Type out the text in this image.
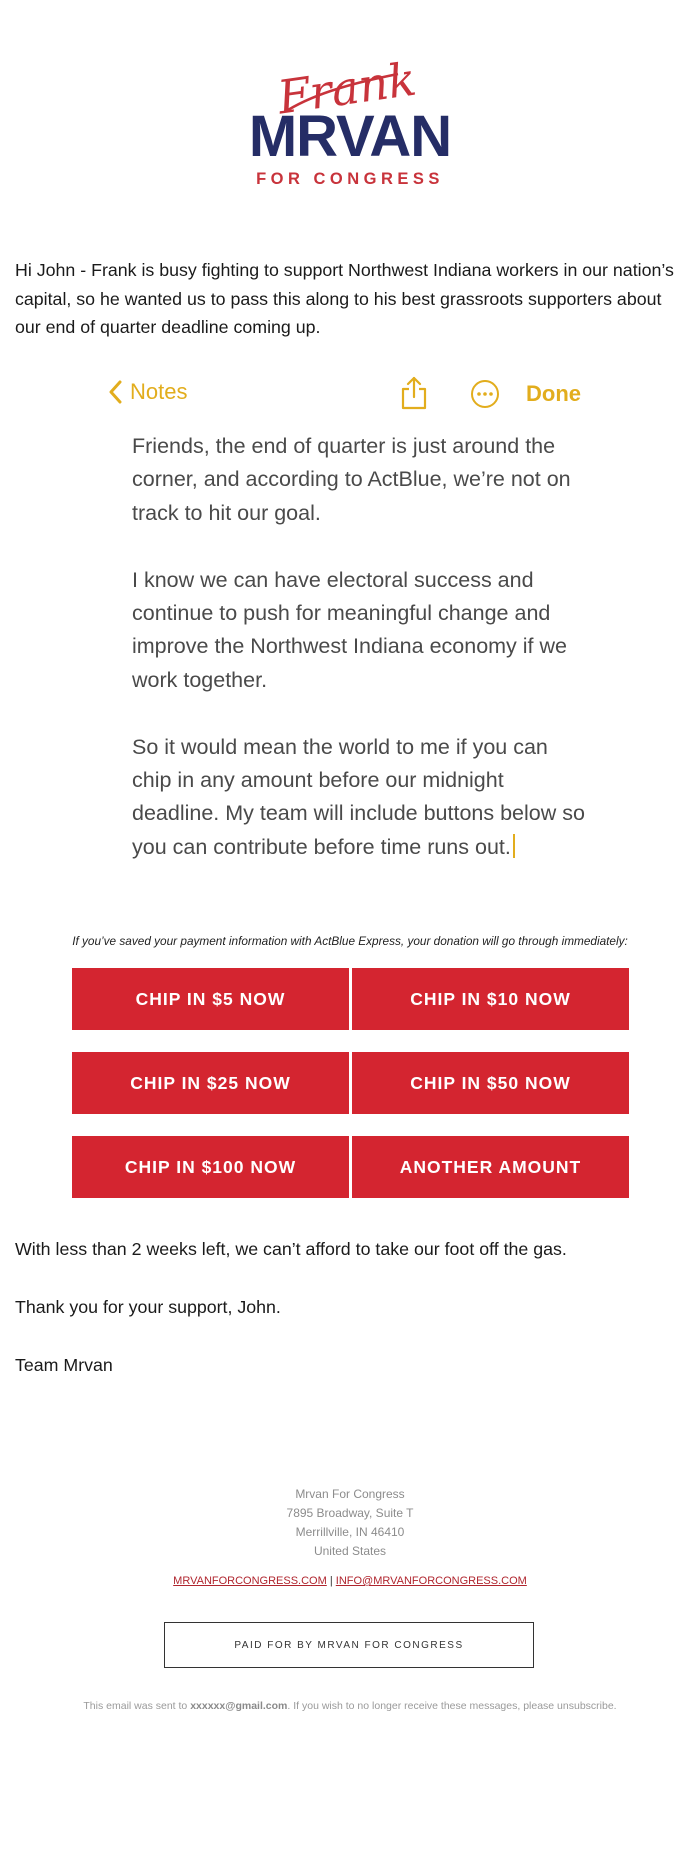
Frank
MRVAN
FOR CONGRESS
Hi John - Frank is busy fighting to support Northwest Indiana workers in our nation’s capital, so he wanted us to pass this along to his best grassroots supporters about our end of quarter deadline coming up.
Notes	Done

Friends, the end of quarter is just around the corner, and according to ActBlue, we’re not on track to hit our goal.

I know we can have electoral success and continue to push for meaningful change and improve the Northwest Indiana economy if we work together.

So it would mean the world to me if you can chip in any amount before our midnight deadline. My team will include buttons below so you can contribute before time runs out.

If you’ve saved your payment information with ActBlue Express, your donation will go through immediately:
CHIP IN $5 NOW	CHIP IN $10 NOW
CHIP IN $25 NOW	CHIP IN $50 NOW
CHIP IN $100 NOW	ANOTHER AMOUNT

With less than 2 weeks left, we can’t afford to take our foot off the gas.

Thank you for your support, John.

Team Mrvan

Mrvan For Congress
7895 Broadway, Suite T
Merrillville, IN 46410
United States
MRVANFORCONGRESS.COM | INFO@MRVANFORCONGRESS.COM
PAID FOR BY MRVAN FOR CONGRESS
This email was sent to xxxxxx@gmail.com. If you wish to no longer receive these messages, please unsubscribe.
